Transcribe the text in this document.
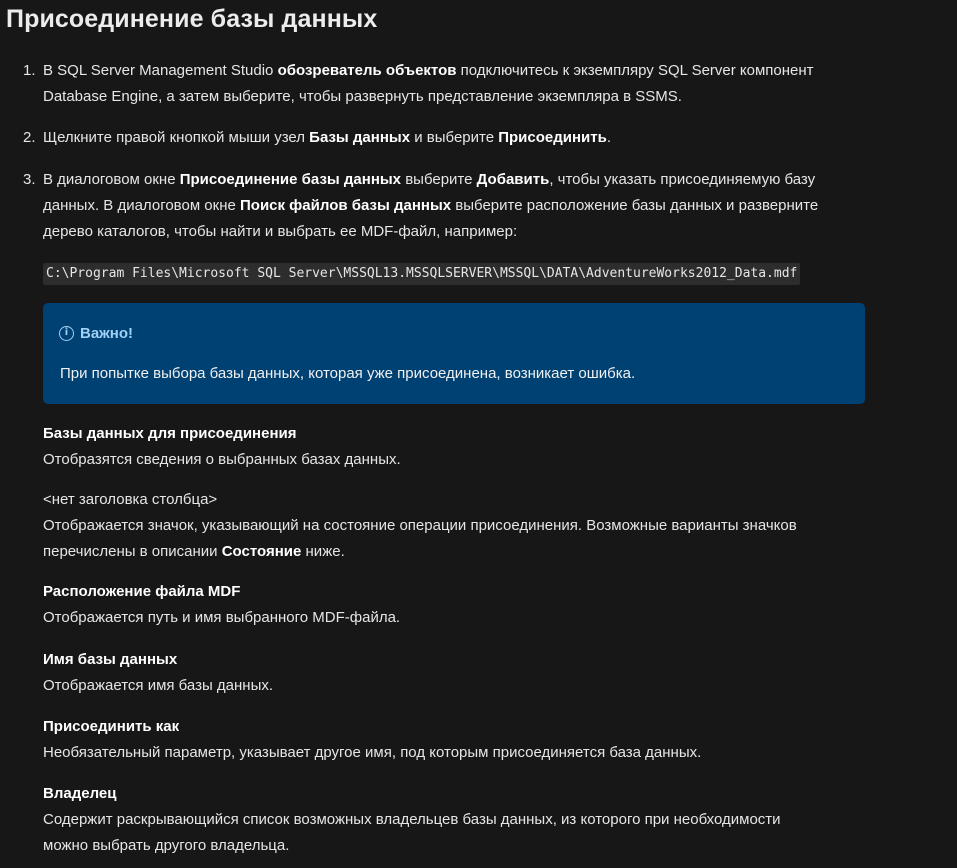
Присоединение базы данных
1. В SQL Server Management Studio обозреватель объектов подключитесь к экземпляру SQL Server компонент
Database Engine, а затем выберите, чтобы развернуть представление экземпляра в SSMS.
2. Щелкните правой кнопкой мыши узел Базы данных и выберите Присоединить.
3. В диалоговом окне Присоединение базы данных выберите Добавить, чтобы указать присоединяемую базу
данных. В диалоговом окне Поиск файлов базы данных выберите расположение базы данных и разверните
дерево каталогов, чтобы найти и выбрать ее MDF-файл, например:
C:\Program Files\Microsoft SQL Server\MSSQL13.MSSQLSERVER\MSSQL\DATA\AdventureWorks2012_Data.mdf
i Важно!
При попытке выбора базы данных, которая уже присоединена, возникает ошибка.
Базы данных для присоединения
Отобразятся сведения о выбранных базах данных.
<нет заголовка столбца>
Отображается значок, указывающий на состояние операции присоединения. Возможные варианты значков
перечислены в описании Состояние ниже.
Расположение файла MDF
Отображается путь и имя выбранного MDF-файла.
Имя базы данных
Отображается имя базы данных.
Присоединить как
Необязательный параметр, указывает другое имя, под которым присоединяется база данных.
Владелец
Содержит раскрывающийся список возможных владельцев базы данных, из которого при необходимости
можно выбрать другого владельца.
